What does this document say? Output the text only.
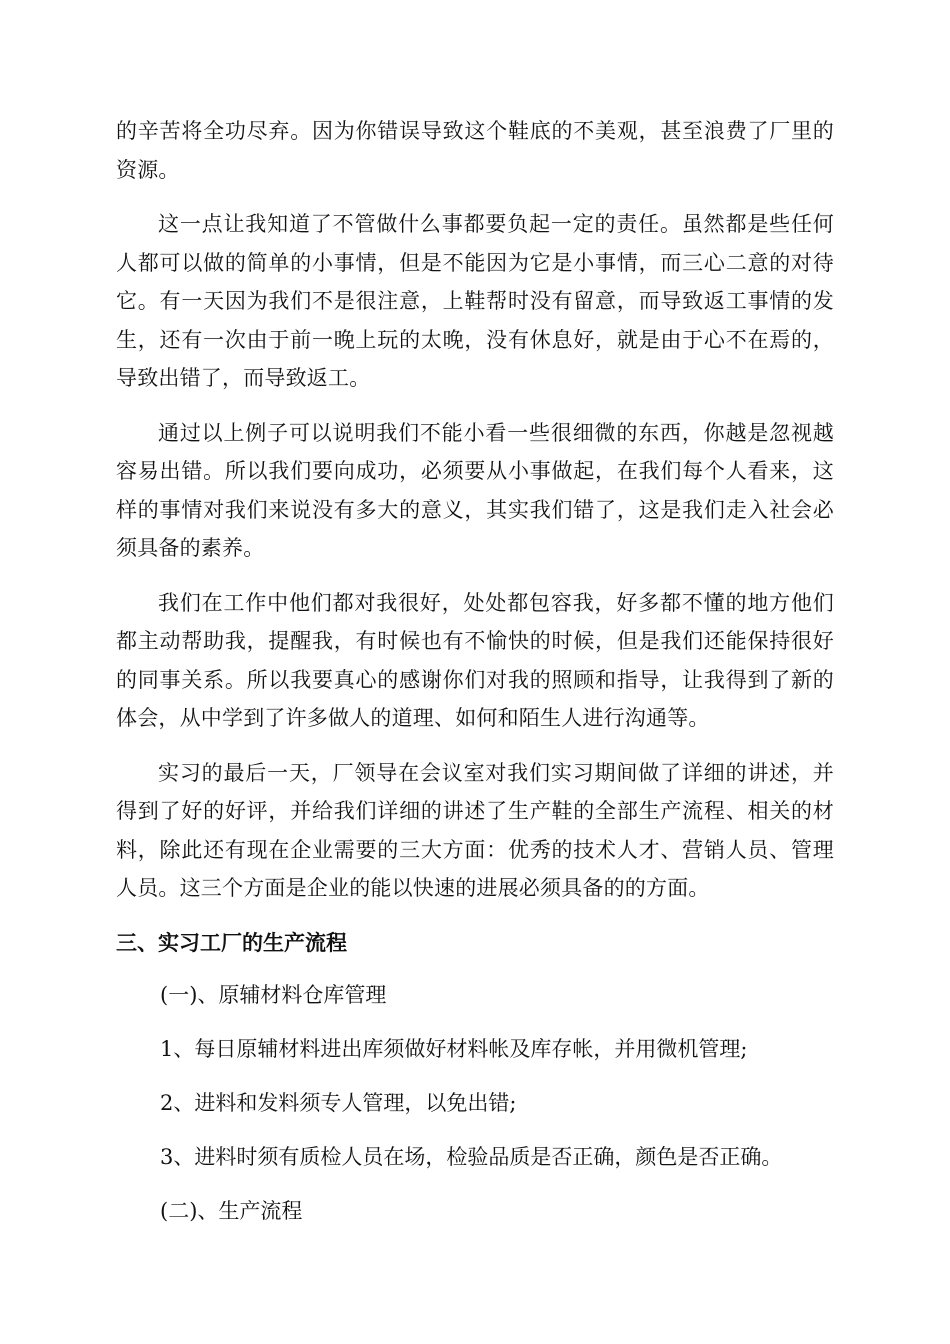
的辛苦将全功尽弃。因为你错误导致这个鞋底的不美观，甚至浪费了厂里的资源。

这一点让我知道了不管做什么事都要负起一定的责任。虽然都是些任何人都可以做的简单的小事情，但是不能因为它是小事情，而三心二意的对待它。有一天因为我们不是很注意，上鞋帮时没有留意，而导致返工事情的发生，还有一次由于前一晚上玩的太晚，没有休息好，就是由于心不在焉的，导致出错了，而导致返工。

通过以上例子可以说明我们不能小看一些很细微的东西，你越是忽视越容易出错。所以我们要向成功，必须要从小事做起，在我们每个人看来，这样的事情对我们来说没有多大的意义，其实我们错了，这是我们走入社会必须具备的素养。

我们在工作中他们都对我很好，处处都包容我，好多都不懂的地方他们都主动帮助我，提醒我，有时候也有不愉快的时候，但是我们还能保持很好的同事关系。所以我要真心的感谢你们对我的照顾和指导，让我得到了新的体会，从中学到了许多做人的道理、如何和陌生人进行沟通等。

实习的最后一天，厂领导在会议室对我们实习期间做了详细的讲述，并得到了好的好评，并给我们详细的讲述了生产鞋的全部生产流程、相关的材料，除此还有现在企业需要的三大方面：优秀的技术人才、营销人员、管理人员。这三个方面是企业的能以快速的进展必须具备的的方面。

三、实习工厂的生产流程
(一)、原辅材料仓库管理
1、每日原辅材料进出库须做好材料帐及库存帐，并用微机管理;
2、进料和发料须专人管理，以免出错;
3、进料时须有质检人员在场，检验品质是否正确，颜色是否正确。
(二)、生产流程
